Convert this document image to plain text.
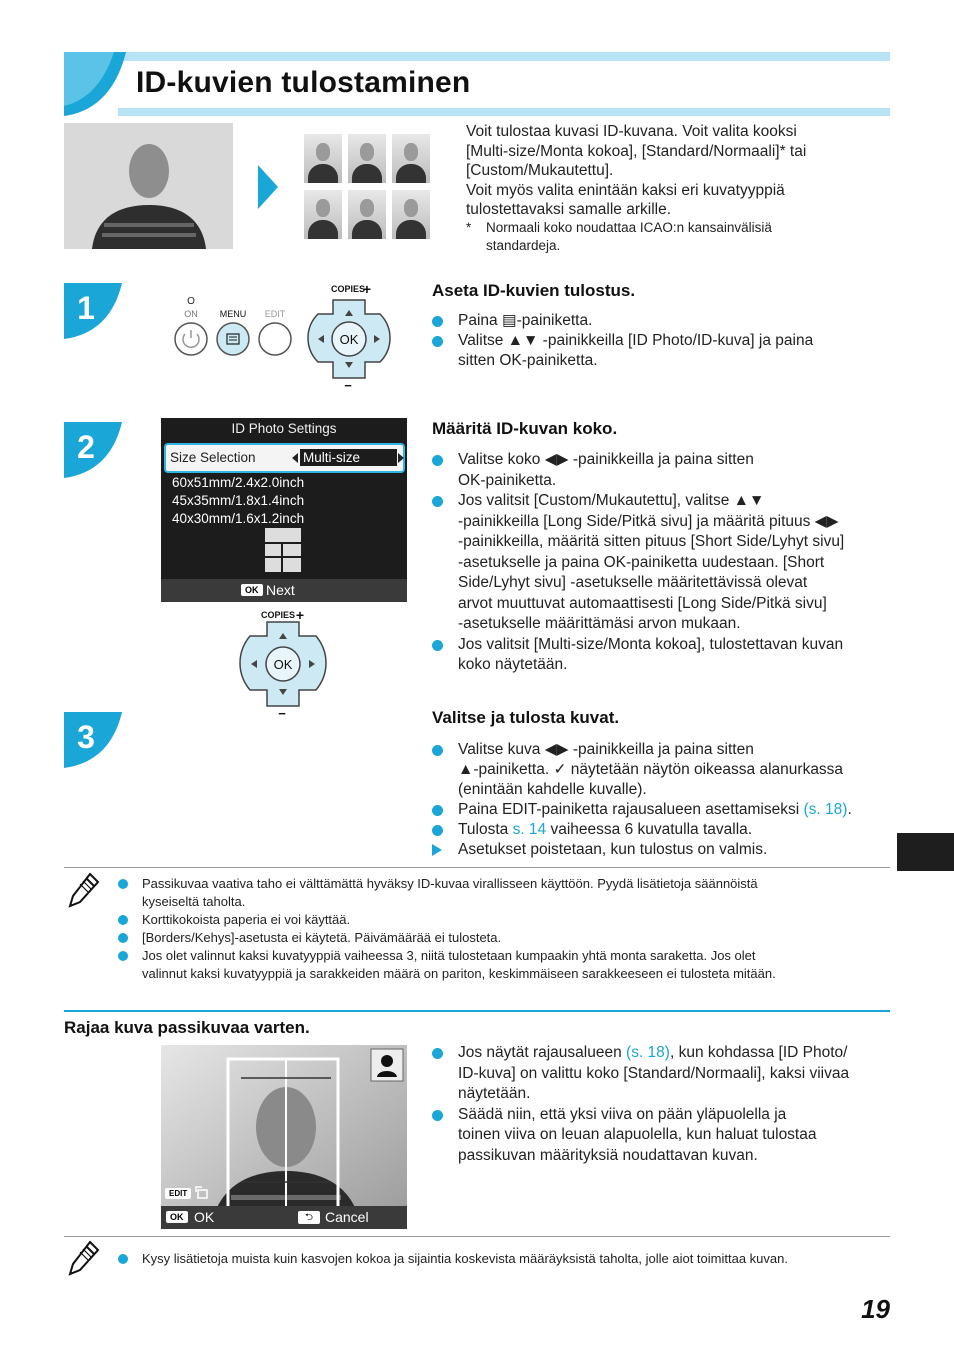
ID-kuvien tulostaminen
Voit tulostaa kuvasi ID-kuvana. Voit valita kooksi
[Multi-size/Monta kokoa], [Standard/Normaali]* tai
[Custom/Mukautettu].
Voit myös valita enintään kaksi eri kuvatyyppiä
tulostettavaksi samalle arkille.
* Normaali koko noudattaa ICAO:n kansainvälisiä
standardeja.
1
2
3
O
ON MENU EDIT
COPIES
+
OK
−
Aseta ID-kuvien tulostus.
Paina ▤-painiketta.
Valitse ▲▼ -painikkeilla [ID Photo/ID-kuva] ja paina
sitten OK-painiketta.
ID Photo Settings
Size Selection	Multi-size
60x51mm/2.4x2.0inch
45x35mm/1.8x1.4inch
40x30mm/1.6x1.2inch
OK Next
COPIES +
OK
−
Määritä ID-kuvan koko.
Valitse koko ◀▶ -painikkeilla ja paina sitten
OK-painiketta.
Jos valitsit [Custom/Mukautettu], valitse ▲▼
-painikkeilla [Long Side/Pitkä sivu] ja määritä pituus ◀▶
-painikkeilla, määritä sitten pituus [Short Side/Lyhyt sivu]
-asetukselle ja paina OK-painiketta uudestaan. [Short
Side/Lyhyt sivu] -asetukselle määritettävissä olevat
arvot muuttuvat automaattisesti [Long Side/Pitkä sivu]
-asetukselle määrittämäsi arvon mukaan.
Jos valitsit [Multi-size/Monta kokoa], tulostettavan kuvan
koko näytetään.
Valitse ja tulosta kuvat.
Valitse kuva ◀▶ -painikkeilla ja paina sitten
▲-painiketta. ✓ näytetään näytön oikeassa alanurkassa
(enintään kahdelle kuvalle).
Paina EDIT-painiketta rajausalueen asettamiseksi (s. 18).
Tulosta s. 14 vaiheessa 6 kuvatulla tavalla.
Asetukset poistetaan, kun tulostus on valmis.
Passikuvaa vaativa taho ei välttämättä hyväksy ID-kuvaa virallisseen käyttöön. Pyydä lisätietoja säännöistä
kyseiseltä taholta.
Korttikokoista paperia ei voi käyttää.
[Borders/Kehys]-asetusta ei käytetä. Päivämäärää ei tulosteta.
Jos olet valinnut kaksi kuvatyyppiä vaiheessa 3, niitä tulostetaan kumpaakin yhtä monta saraketta. Jos olet
valinnut kaksi kuvatyyppiä ja sarakkeiden määrä on pariton, keskimmäiseen sarakkeeseen ei tulosteta mitään.
Rajaa kuva passikuvaa varten.
EDIT
OK OK	⮌ Cancel
Jos näytät rajausalueen (s. 18), kun kohdassa [ID Photo/
ID-kuva] on valittu koko [Standard/Normaali], kaksi viivaa
näytetään.
Säädä niin, että yksi viiva on pään yläpuolella ja
toinen viiva on leuan alapuolella, kun haluat tulostaa
passikuvan määrityksiä noudattavan kuvan.
Kysy lisätietoja muista kuin kasvojen kokoa ja sijaintia koskevista määräyksistä taholta, jolle aiot toimittaa kuvan.
19
